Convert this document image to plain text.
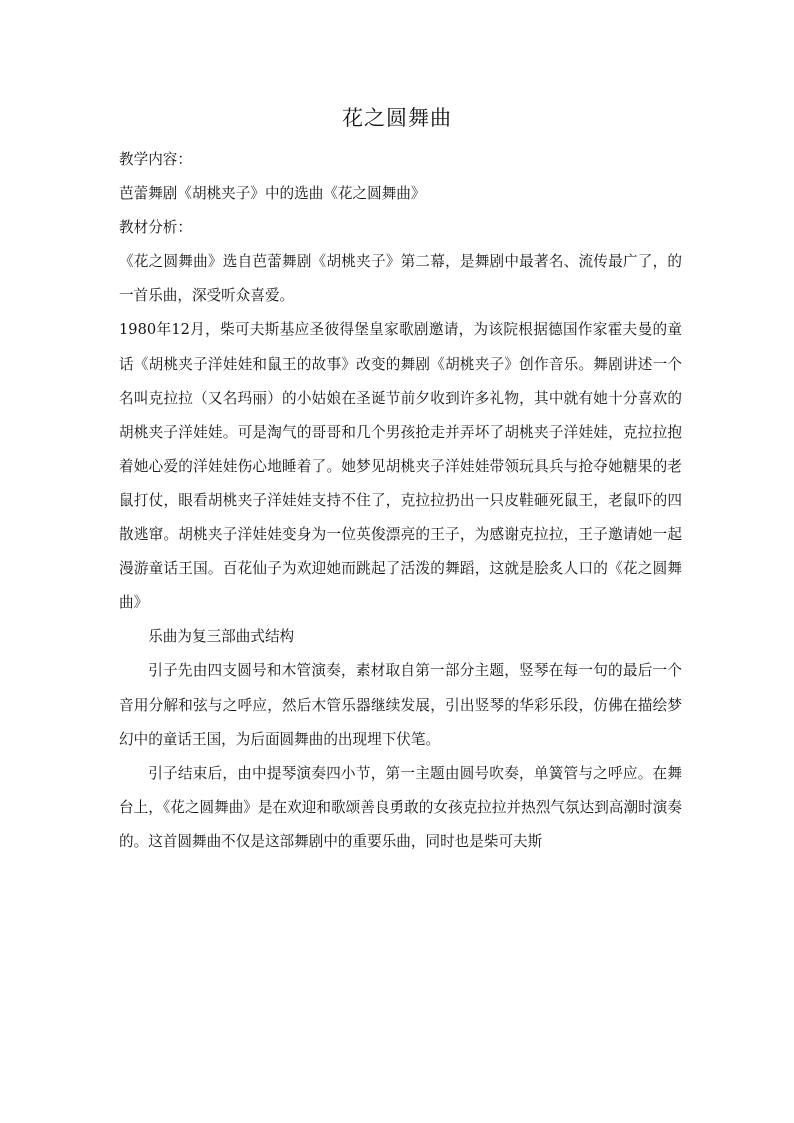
花之圆舞曲

教学内容：

芭蕾舞剧《胡桃夹子》中的选曲《花之圆舞曲》

教材分析：

《花之圆舞曲》选自芭蕾舞剧《胡桃夹子》第二幕，是舞剧中最著名、流传最广了，的一首乐曲，深受听众喜爱。

1980年12月，柴可夫斯基应圣彼得堡皇家歌剧邀请，为该院根据德国作家霍夫曼的童话《胡桃夹子洋娃娃和鼠王的故事》改变的舞剧《胡桃夹子》创作音乐。舞剧讲述一个名叫克拉拉（又名玛丽）的小姑娘在圣诞节前夕收到许多礼物，其中就有她十分喜欢的胡桃夹子洋娃娃。可是淘气的哥哥和几个男孩抢走并弄坏了胡桃夹子洋娃娃，克拉拉抱着她心爱的洋娃娃伤心地睡着了。她梦见胡桃夹子洋娃娃带领玩具兵与抢夺她糖果的老鼠打仗，眼看胡桃夹子洋娃娃支持不住了，克拉拉扔出一只皮鞋砸死鼠王，老鼠吓的四散逃窜。胡桃夹子洋娃娃变身为一位英俊漂亮的王子，为感谢克拉拉，王子邀请她一起漫游童话王国。百花仙子为欢迎她而跳起了活泼的舞蹈，这就是脍炙人口的《花之圆舞曲》

乐曲为复三部曲式结构

引子先由四支圆号和木管演奏，素材取自第一部分主题，竖琴在每一句的最后一个音用分解和弦与之呼应，然后木管乐器继续发展，引出竖琴的华彩乐段，仿佛在描绘梦幻中的童话王国，为后面圆舞曲的出现埋下伏笔。

引子结束后，由中提琴演奏四小节，第一主题由圆号吹奏，单簧管与之呼应。在舞台上，《花之圆舞曲》是在欢迎和歌颂善良勇敢的女孩克拉拉并热烈气氛达到高潮时演奏的。这首圆舞曲不仅是这部舞剧中的重要乐曲，同时也是柴可夫斯
